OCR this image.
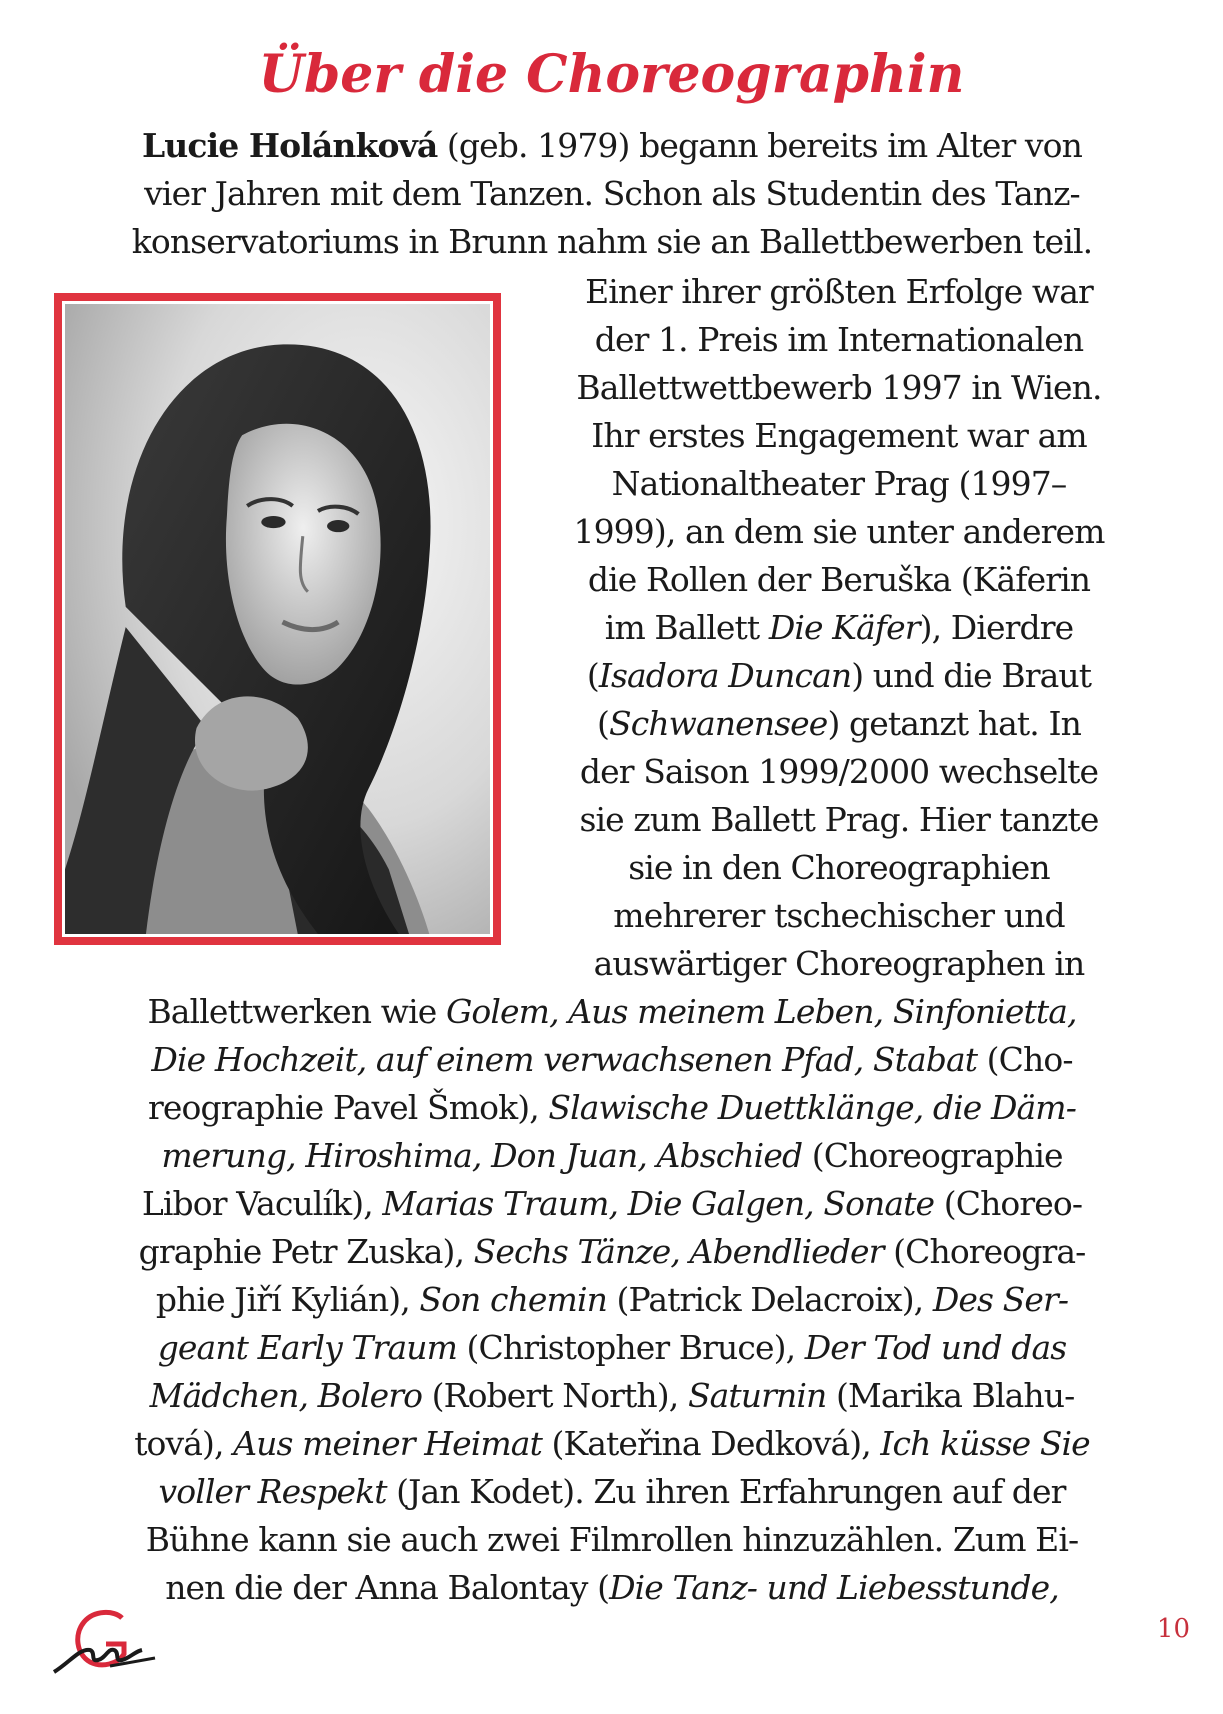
Über die Choreographin
Lucie Holánková (geb. 1979) begann bereits im Alter von
vier Jahren mit dem Tanzen. Schon als Studentin des Tanz-
konservatoriums in Brunn nahm sie an Ballettbewerben teil.
Einer ihrer größten Erfolge war
der 1. Preis im Internationalen
Ballettwettbewerb 1997 in Wien.
Ihr erstes Engagement war am
Nationaltheater Prag (1997–
1999), an dem sie unter anderem
die Rollen der Beruška (Käferin
im Ballett Die Käfer), Dierdre
(Isadora Duncan) und die Braut
(Schwanensee) getanzt hat. In
der Saison 1999/2000 wechselte
sie zum Ballett Prag. Hier tanzte
sie in den Choreographien
mehrerer tschechischer und
auswärtiger Choreographen in
Ballettwerken wie Golem, Aus meinem Leben, Sinfonietta,
Die Hochzeit, auf einem verwachsenen Pfad, Stabat (Cho-
reographie Pavel Šmok), Slawische Duettklänge, die Däm-
merung, Hiroshima, Don Juan, Abschied (Choreographie
Libor Vaculík), Marias Traum, Die Galgen, Sonate (Choreo-
graphie Petr Zuska), Sechs Tänze, Abendlieder (Choreogra-
phie Jiří Kylián), Son chemin (Patrick Delacroix), Des Ser-
geant Early Traum (Christopher Bruce), Der Tod und das
Mädchen, Bolero (Robert North), Saturnin (Marika Blahu-
tová), Aus meiner Heimat (Kateřina Dedková), Ich küsse Sie
voller Respekt (Jan Kodet). Zu ihren Erfahrungen auf der
Bühne kann sie auch zwei Filmrollen hinzuzählen. Zum Ei-
nen die der Anna Balontay (Die Tanz- und Liebesstunde,
10
